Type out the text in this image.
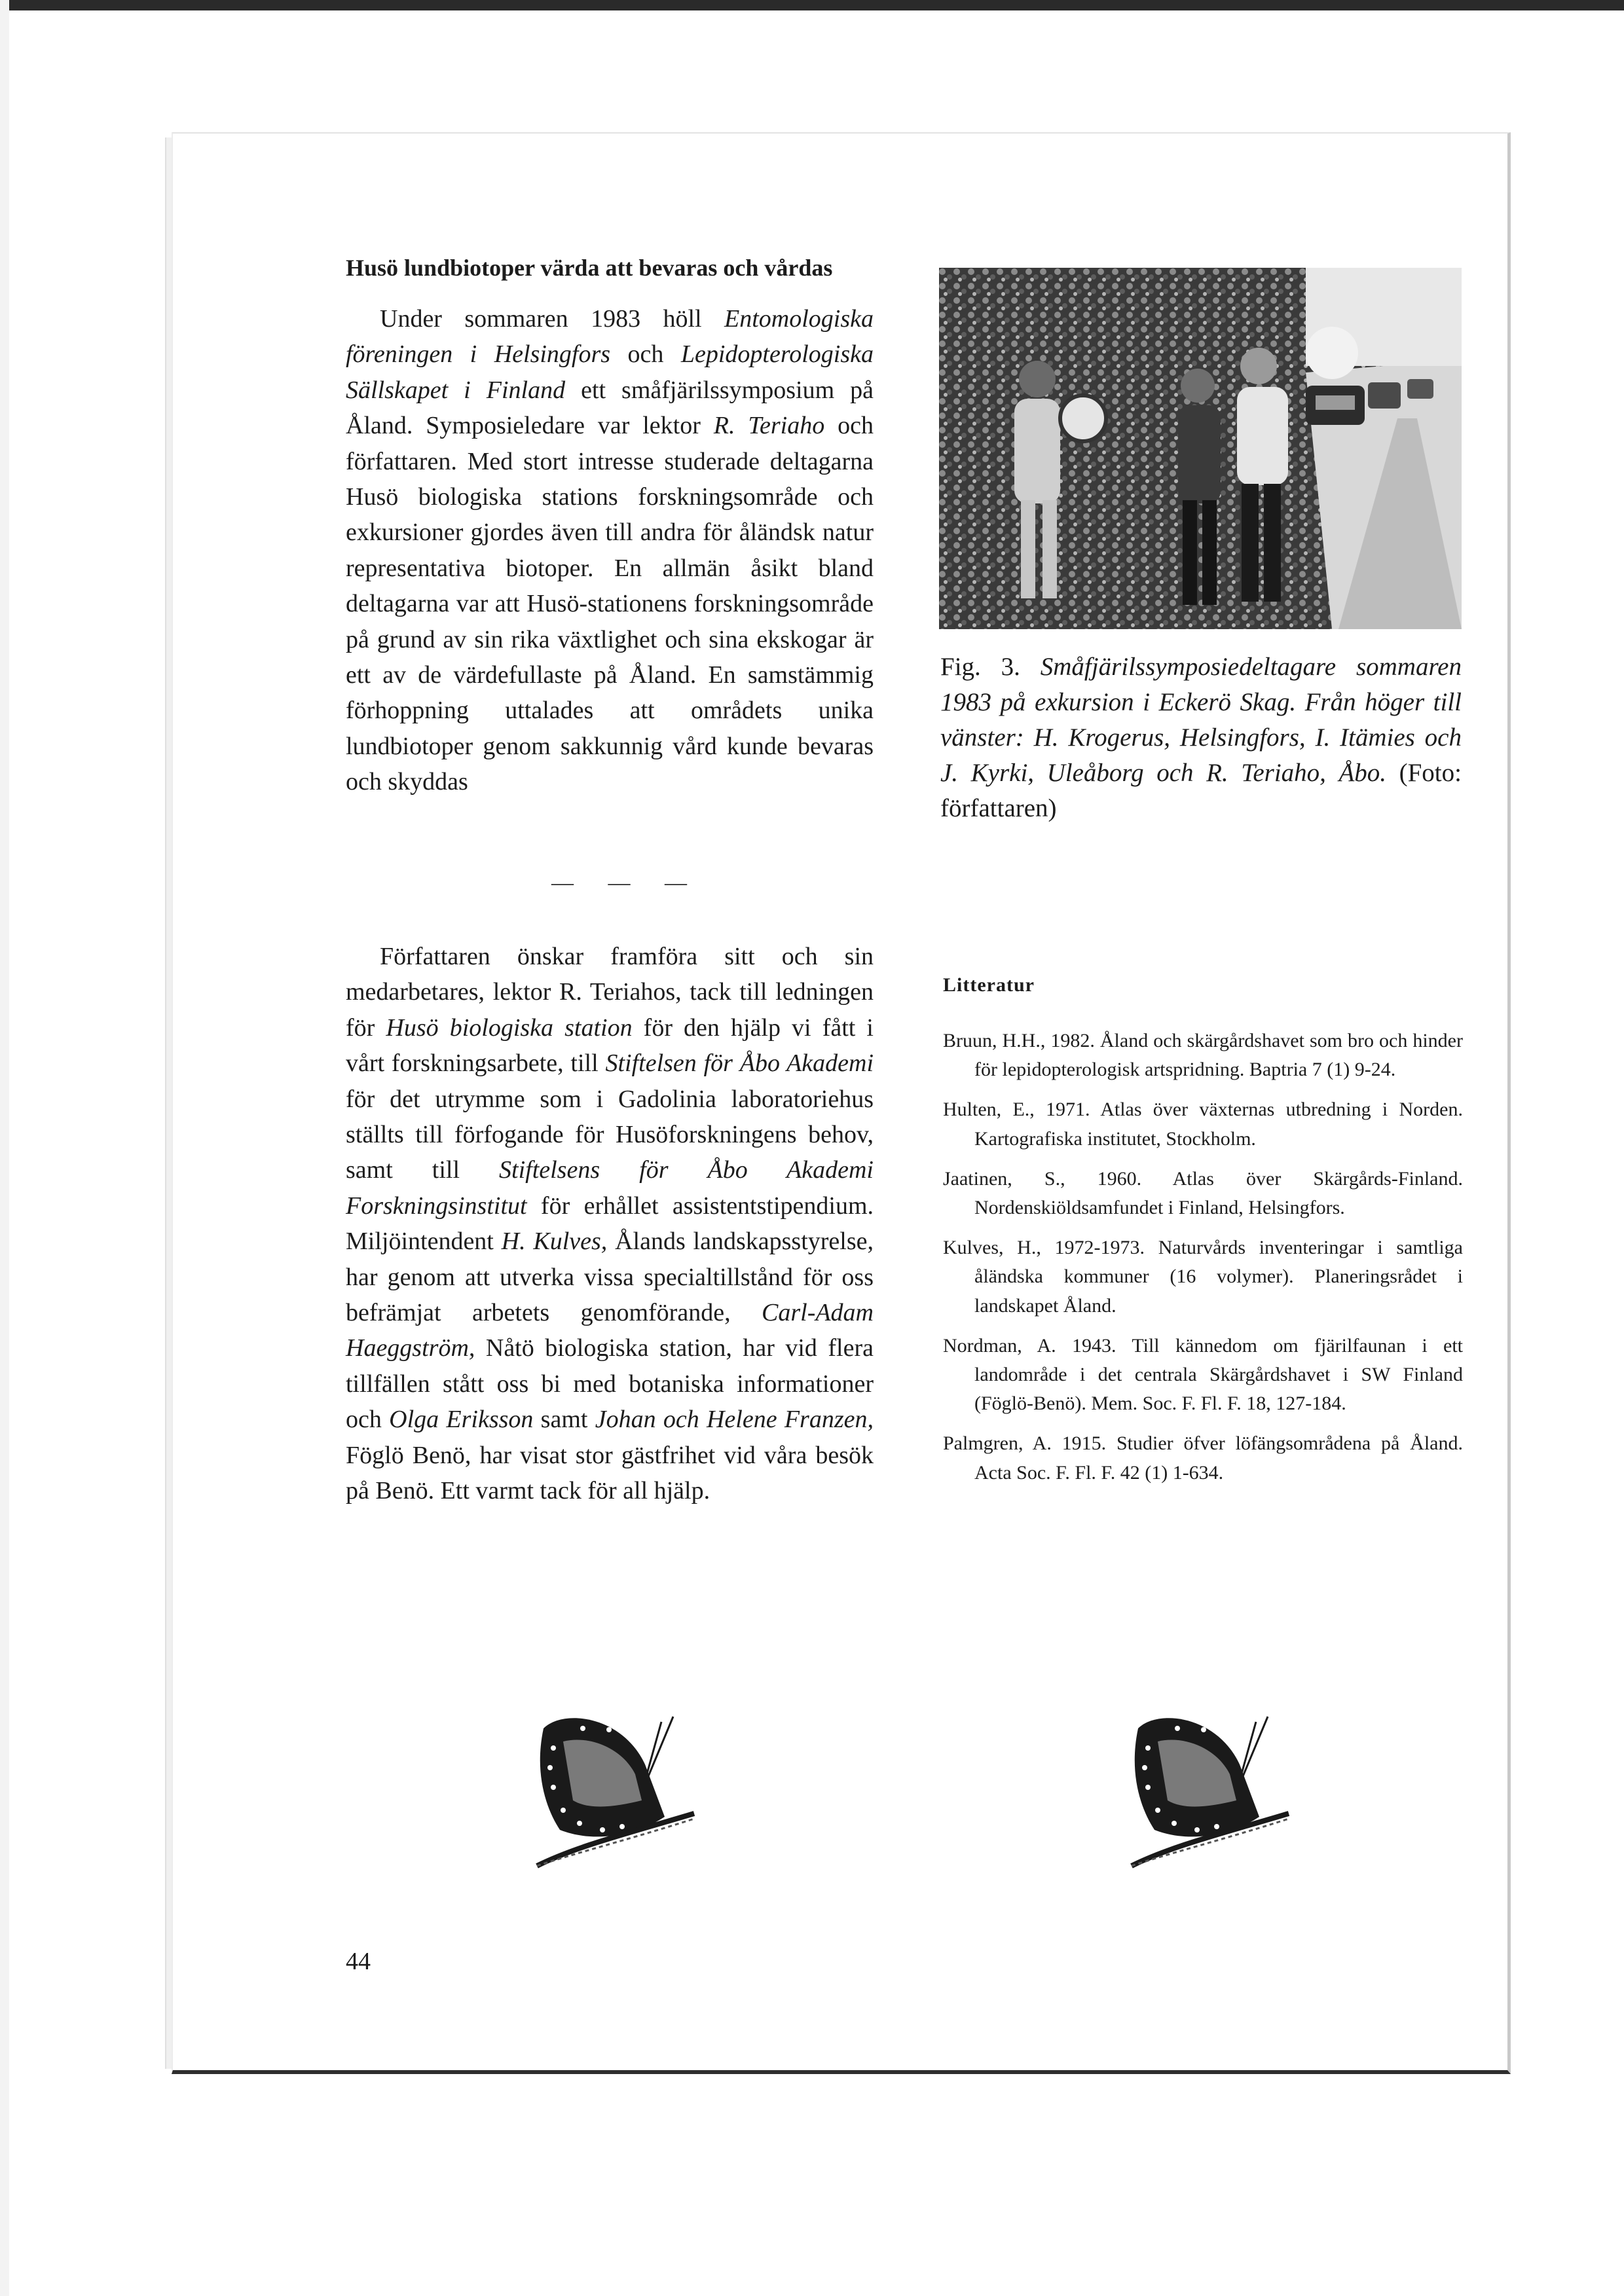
Husö lundbiotoper värda att bevaras och vårdas

Under sommaren 1983 höll Entomologiska föreningen i Helsingfors och Lepidopterologiska Sällskapet i Finland ett småfjärilssymposium på Åland. Symposieledare var lektor R. Teriaho och författaren. Med stort intresse studerade deltagarna Husö biologiska stations forskningsområde och exkursioner gjordes även till andra för åländsk natur representativa biotoper. En allmän åsikt bland deltagarna var att Husö-stationens forskningsområde på grund av sin rika växtlighet och sina ekskogar är ett av de värdefullaste på Åland. En samstämmig förhoppning uttalades att områdets unika lundbiotoper genom sakkunnig vård kunde bevaras och skyddas

— — —

Författaren önskar framföra sitt och sin medarbetares, lektor R. Teriahos, tack till ledningen för Husö biologiska station för den hjälp vi fått i vårt forskningsarbete, till Stiftelsen för Åbo Akademi för det utrymme som i Gadolinia laboratoriehus ställts till förfogande för Husöforskningens behov, samt till Stiftelsens för Åbo Akademi Forskningsinstitut för erhållet assistentstipendium. Miljöintendent H. Kulves, Ålands landskapsstyrelse, har genom att utverka vissa specialtillstånd för oss befrämjat arbetets genomförande, Carl-Adam Haeggström, Nåtö biologiska station, har vid flera tillfällen stått oss bi med botaniska informationer och Olga Eriksson samt Johan och Helene Franzen, Föglö Benö, har visat stor gästfrihet vid våra besök på Benö. Ett varmt tack för all hjälp.

Fig. 3. Småfjärilssymposiedeltagare sommaren 1983 på exkursion i Eckerö Skag. Från höger till vänster: H. Krogerus, Helsingfors, I. Itämies och J. Kyrki, Uleåborg och R. Teriaho, Åbo. (Foto: författaren)

Litteratur

Bruun, H.H., 1982. Åland och skärgårdshavet som bro och hinder för lepidopterologisk artspridning. Baptria 7 (1) 9-24.
Hulten, E., 1971. Atlas över växternas utbredning i Norden. Kartografiska institutet, Stockholm.
Jaatinen, S., 1960. Atlas över Skärgårds-Finland. Nordenskiöldsamfundet i Finland, Helsingfors.
Kulves, H., 1972-1973. Naturvårds inventeringar i samtliga åländska kommuner (16 volymer). Planeringsrådet i landskapet Åland.
Nordman, A. 1943. Till kännedom om fjärilfaunan i ett landområde i det centrala Skärgårdshavet i SW Finland (Föglö-Benö). Mem. Soc. F. Fl. F. 18, 127-184.
Palmgren, A. 1915. Studier öfver löfängsområdena på Åland. Acta Soc. F. Fl. F. 42 (1) 1-634.

44
